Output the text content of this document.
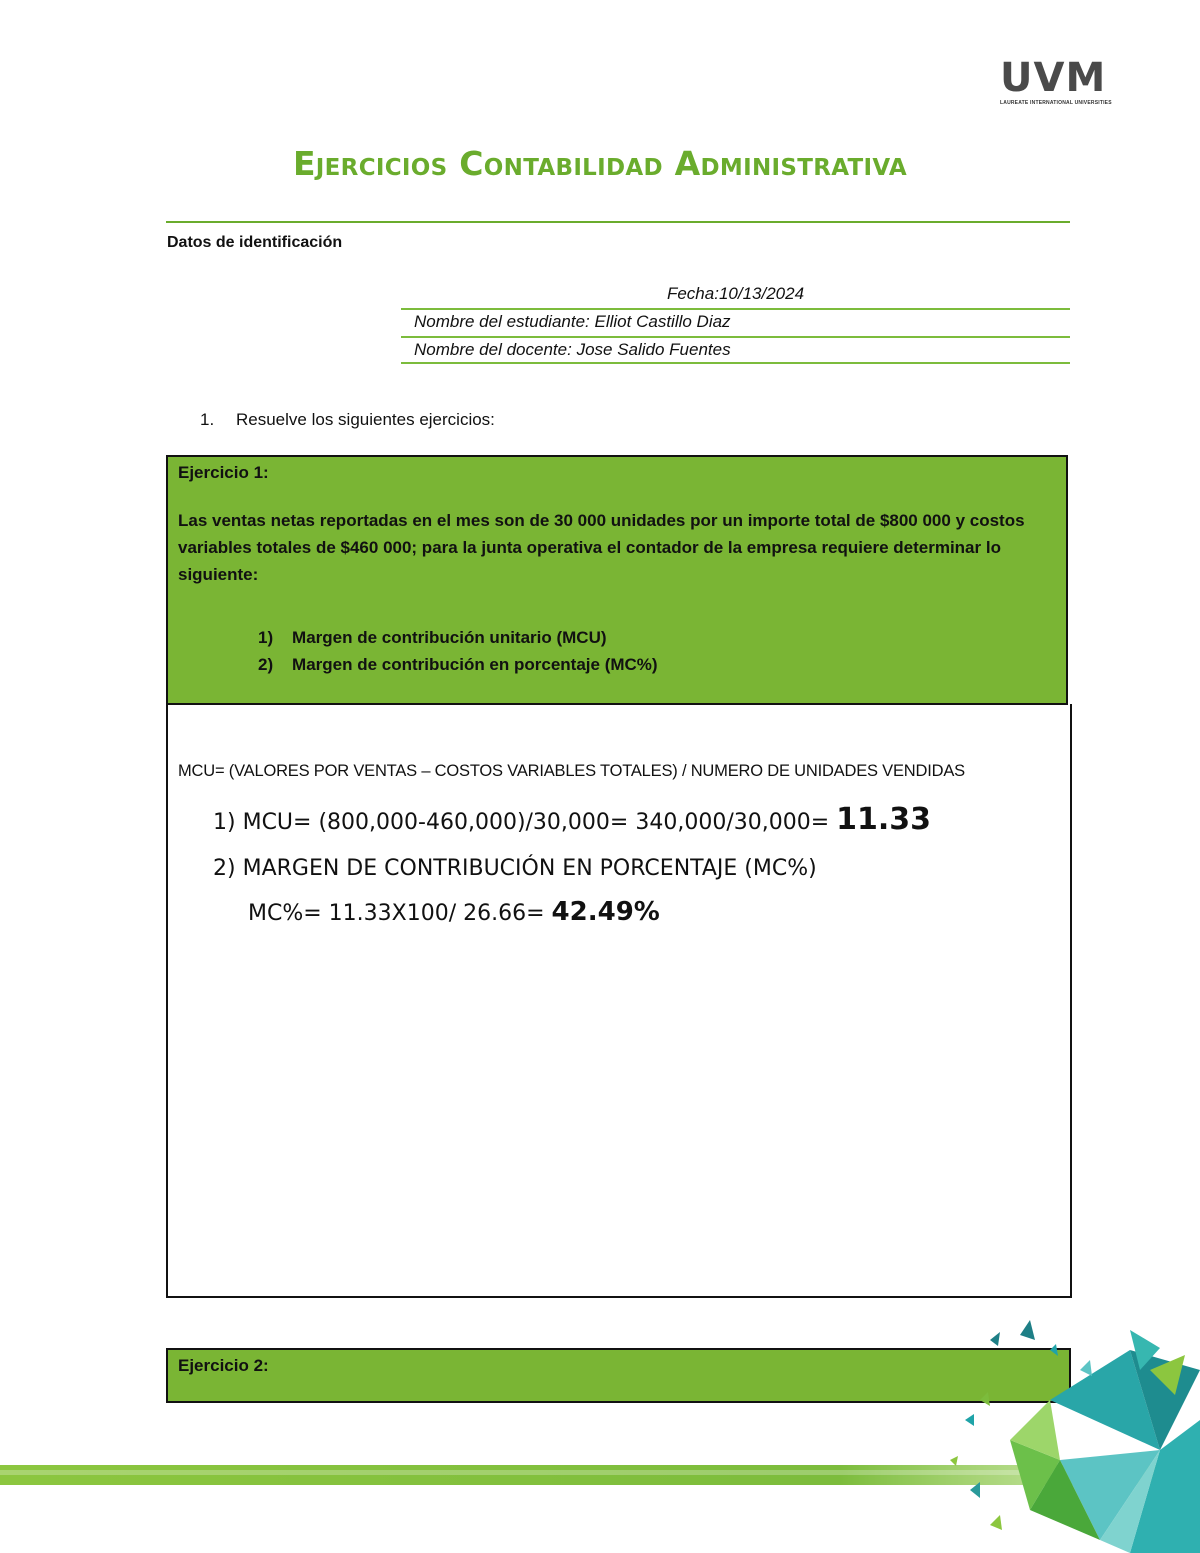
UVM
LAUREATE INTERNATIONAL UNIVERSITIES
Ejercicios Contabilidad Administrativa
Datos de identificación
Fecha:10/13/2024
Nombre del estudiante: Elliot Castillo Diaz
Nombre del docente: Jose Salido Fuentes
1. Resuelve los siguientes ejercicios:
Ejercicio 1:
Las ventas netas reportadas en el mes son de 30 000 unidades por un importe total de $800 000 y costos variables totales de $460 000; para la junta operativa el contador de la empresa requiere determinar lo siguiente:
1) Margen de contribución unitario (MCU)
2) Margen de contribución en porcentaje (MC%)
MCU= (VALORES POR VENTAS – COSTOS VARIABLES TOTALES) / NUMERO DE UNIDADES VENDIDAS
1) MCU= (800,000-460,000)/30,000= 340,000/30,000= 11.33
2) MARGEN DE CONTRIBUCIÓN EN PORCENTAJE (MC%)
MC%= 11.33X100/ 26.66= 42.49%
Ejercicio 2:
